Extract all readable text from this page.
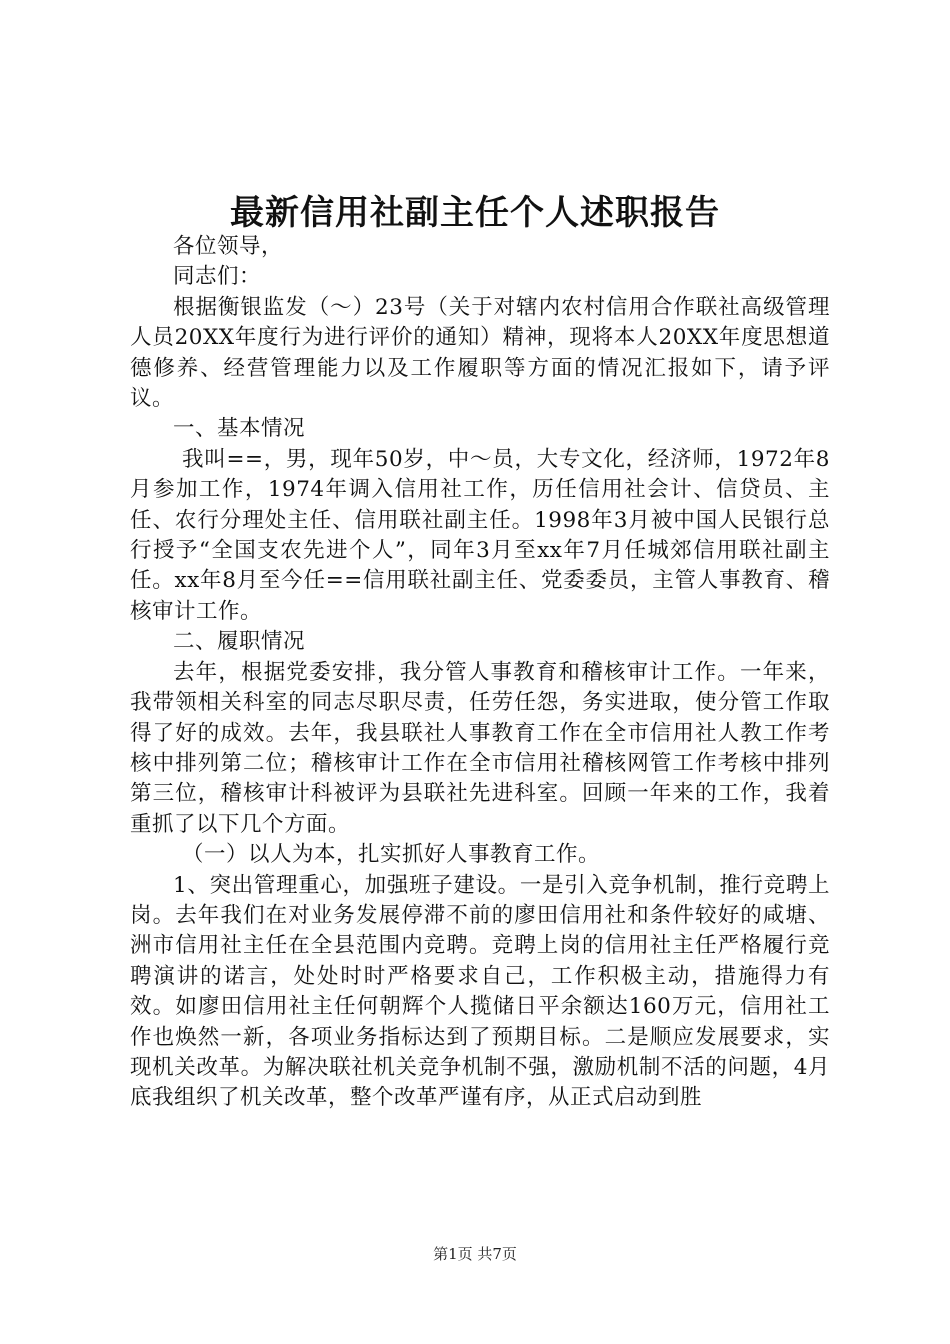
最新信用社副主任个人述职报告

各位领导，

同志们：

根据衡银监发（～）23号（关于对辖内农村信用合作联社高级管理人员20XX年度行为进行评价的通知）精神，现将本人20XX年度思想道德修养、经营管理能力以及工作履职等方面的情况汇报如下，请予评议。

一、基本情况

我叫==，男，现年50岁，中～员，大专文化，经济师，1972年8月参加工作，1974年调入信用社工作，历任信用社会计、信贷员、主任、农行分理处主任、信用联社副主任。1998年3月被中国人民银行总行授予“全国支农先进个人”，同年3月至xx年7月任城郊信用联社副主任。xx年8月至今任==信用联社副主任、党委委员，主管人事教育、稽核审计工作。

二、履职情况

去年，根据党委安排，我分管人事教育和稽核审计工作。一年来，我带领相关科室的同志尽职尽责，任劳任怨，务实进取，使分管工作取得了好的成效。去年，我县联社人事教育工作在全市信用社人教工作考核中排列第二位；稽核审计工作在全市信用社稽核网管工作考核中排列第三位，稽核审计科被评为县联社先进科室。回顾一年来的工作，我着重抓了以下几个方面。

（一）以人为本，扎实抓好人事教育工作。

1、突出管理重心，加强班子建设。一是引入竞争机制，推行竞聘上岗。去年我们在对业务发展停滞不前的廖田信用社和条件较好的咸塘、洲市信用社主任在全县范围内竞聘。竞聘上岗的信用社主任严格履行竞聘演讲的诺言，处处时时严格要求自己，工作积极主动，措施得力有效。如廖田信用社主任何朝辉个人揽储日平余额达160万元，信用社工作也焕然一新，各项业务指标达到了预期目标。二是顺应发展要求，实现机关改革。为解决联社机关竞争机制不强，激励机制不活的问题，4月底我组织了机关改革，整个改革严谨有序，从正式启动到胜

第1页 共7页
